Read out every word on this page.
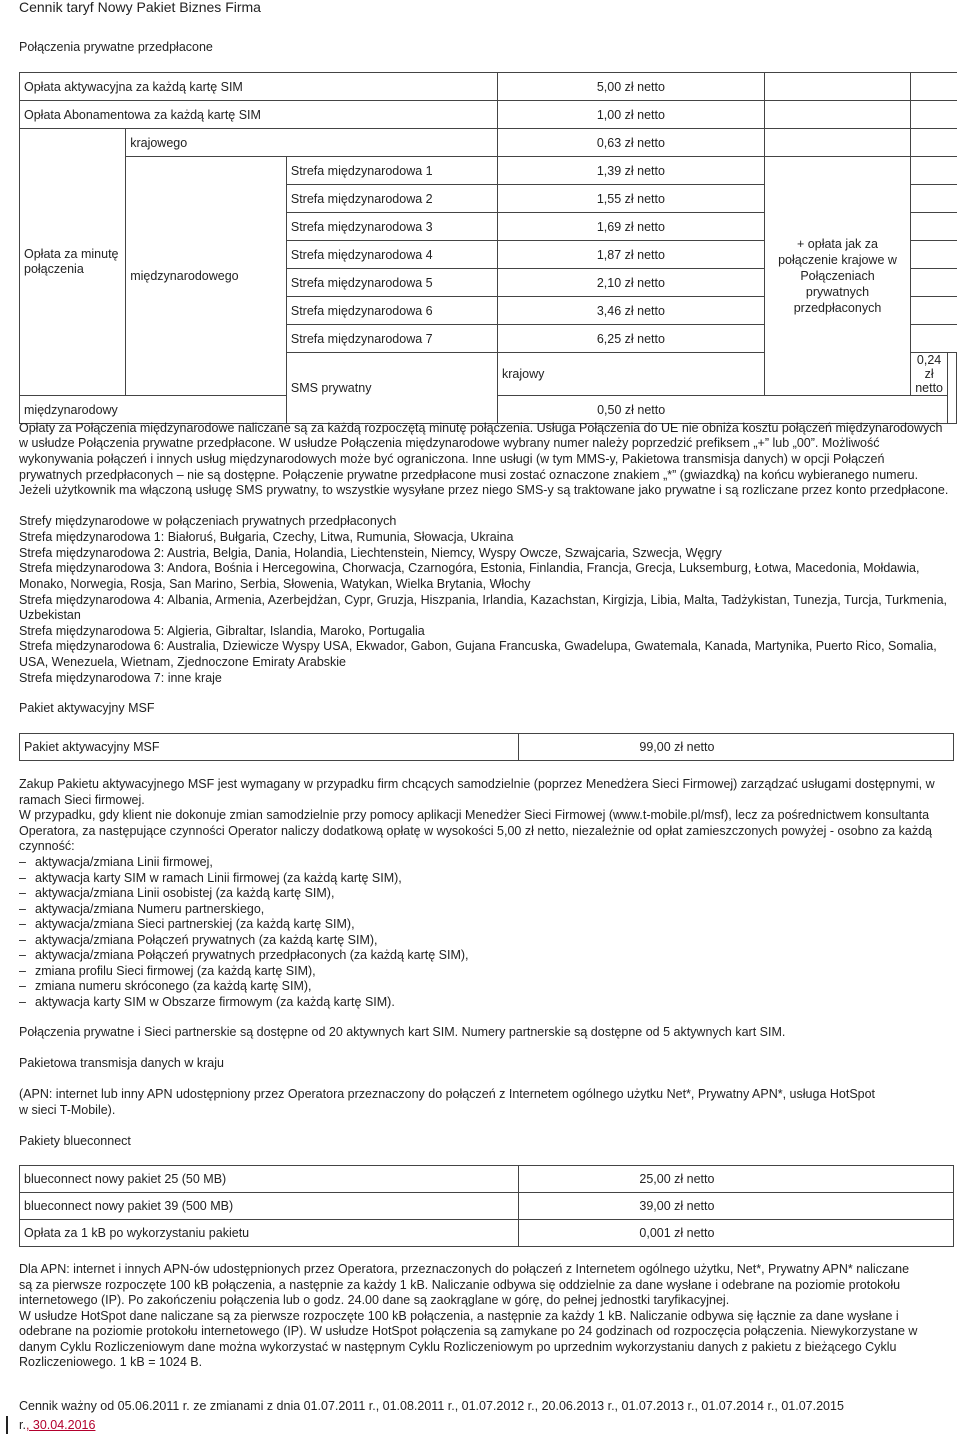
Cennik taryf Nowy Pakiet Biznes Firma
Połączenia prywatne przedpłacone
Opłata aktywacyjna za każdą kartę SIM			5,00 zł netto			
Opłata Abonamentowa za każdą kartę SIM			1,00 zł netto			
Opłata za minutę połączenia	krajowego		0,63 zł netto			
	międzynarodowego	Strefa międzynarodowa 1	1,39 zł netto	+ opłata jak za połączenie krajowe w Połączeniach prywatnych przedpłaconych		
		Strefa międzynarodowa 2	1,55 zł netto			
		Strefa międzynarodowa 3	1,69 zł netto			
		Strefa międzynarodowa 4	1,87 zł netto			
		Strefa międzynarodowa 5	2,10 zł netto			
		Strefa międzynarodowa 6	3,46 zł netto			
		Strefa międzynarodowa 7	6,25 zł netto			
		SMS prywatny	krajowy		0,24 zł netto	
międzynarodowy			0,50 zł netto			
Opłaty za Połączenia międzynarodowe naliczane są za każdą rozpoczętą minutę połączenia. Usługa Połączenia do UE nie obniża kosztu połączeń międzynarodowych
w usłudze Połączenia prywatne przedpłacone. W usłudze Połączenia międzynarodowe wybrany numer należy poprzedzić prefiksem „+” lub „00”. Możliwość
wykonywania połączeń i innych usług międzynarodowych może być ograniczona. Inne usługi (w tym MMS-y, Pakietowa transmisja danych) w opcji Połączeń
prywatnych przedpłaconych – nie są dostępne. Połączenie prywatne przedpłacone musi zostać oznaczone znakiem „*” (gwiazdką) na końcu wybieranego numeru.
Jeżeli użytkownik ma włączoną usługę SMS prywatny, to wszystkie wysyłane przez niego SMS-y są traktowane jako prywatne i są rozliczane przez konto przedpłacone.
Strefy międzynarodowe w połączeniach prywatnych przedpłaconych
Strefa międzynarodowa 1: Białoruś, Bułgaria, Czechy, Litwa, Rumunia, Słowacja, Ukraina
Strefa międzynarodowa 2: Austria, Belgia, Dania, Holandia, Liechtenstein, Niemcy, Wyspy Owcze, Szwajcaria, Szwecja, Węgry
Strefa międzynarodowa 3: Andora, Bośnia i Hercegowina, Chorwacja, Czarnogóra, Estonia, Finlandia, Francja, Grecja, Luksemburg, Łotwa, Macedonia, Mołdawia,
Monako, Norwegia, Rosja, San Marino, Serbia, Słowenia, Watykan, Wielka Brytania, Włochy
Strefa międzynarodowa 4: Albania, Armenia, Azerbejdżan, Cypr, Gruzja, Hiszpania, Irlandia, Kazachstan, Kirgizja, Libia, Malta, Tadżykistan, Tunezja, Turcja, Turkmenia,
Uzbekistan
Strefa międzynarodowa 5: Algieria, Gibraltar, Islandia, Maroko, Portugalia
Strefa międzynarodowa 6: Australia, Dziewicze Wyspy USA, Ekwador, Gabon, Gujana Francuska, Gwadelupa, Gwatemala, Kanada, Martynika, Puerto Rico, Somalia,
USA, Wenezuela, Wietnam, Zjednoczone Emiraty Arabskie
Strefa międzynarodowa 7: inne kraje
Pakiet aktywacyjny MSF
Pakiet aktywacyjny MSF	99,00 zł netto
Zakup Pakietu aktywacyjnego MSF jest wymagany w przypadku firm chcących samodzielnie (poprzez Menedżera Sieci Firmowej) zarządzać usługami dostępnymi, w
ramach Sieci firmowej.
W przypadku, gdy klient nie dokonuje zmian samodzielnie przy pomocy aplikacji Menedżer Sieci Firmowej (www.t-mobile.pl/msf), lecz za pośrednictwem konsultanta
Operatora, za następujące czynności Operator naliczy dodatkową opłatę w wysokości 5,00 zł netto, niezależnie od opłat zamieszczonych powyżej - osobno za każdą
czynność:
– aktywacja/zmiana Linii firmowej,
– aktywacja karty SIM w ramach Linii firmowej (za każdą kartę SIM),
– aktywacja/zmiana Linii osobistej (za każdą kartę SIM),
– aktywacja/zmiana Numeru partnerskiego,
– aktywacja/zmiana Sieci partnerskiej (za każdą kartę SIM),
– aktywacja/zmiana Połączeń prywatnych (za każdą kartę SIM),
– aktywacja/zmiana Połączeń prywatnych przedpłaconych (za każdą kartę SIM),
– zmiana profilu Sieci firmowej (za każdą kartę SIM),
– zmiana numeru skróconego (za każdą kartę SIM),
– aktywacja karty SIM w Obszarze firmowym (za każdą kartę SIM).
Połączenia prywatne i Sieci partnerskie są dostępne od 20 aktywnych kart SIM. Numery partnerskie są dostępne od 5 aktywnych kart SIM.
Pakietowa transmisja danych w kraju
(APN: internet lub inny APN udostępniony przez Operatora przeznaczony do połączeń z Internetem ogólnego użytku Net*, Prywatny APN*, usługa HotSpot
w sieci T-Mobile).
Pakiety blueconnect
blueconnect nowy pakiet 25 (50 MB)	25,00 zł netto
blueconnect nowy pakiet 39 (500 MB)	39,00 zł netto
Opłata za 1 kB po wykorzystaniu pakietu	0,001 zł netto
Dla APN: internet i innych APN-ów udostępnionych przez Operatora, przeznaczonych do połączeń z Internetem ogólnego użytku, Net*, Prywatny APN* naliczane
są za pierwsze rozpoczęte 100 kB połączenia, a następnie za każdy 1 kB. Naliczanie odbywa się oddzielnie za dane wysłane i odebrane na poziomie protokołu
internetowego (IP). Po zakończeniu połączenia lub o godz. 24.00 dane są zaokrąglane w górę, do pełnej jednostki taryfikacyjnej.
W usłudze HotSpot dane naliczane są za pierwsze rozpoczęte 100 kB połączenia, a następnie za każdy 1 kB. Naliczanie odbywa się łącznie za dane wysłane i
odebrane na poziomie protokołu internetowego (IP). W usłudze HotSpot połączenia są zamykane po 24 godzinach od rozpoczęcia połączenia. Niewykorzystane w
danym Cyklu Rozliczeniowym dane można wykorzystać w następnym Cyklu Rozliczeniowym po uprzednim wykorzystaniu danych z pakietu z bieżącego Cyklu
Rozliczeniowego. 1 kB = 1024 B.
Cennik ważny od 05.06.2011 r. ze zmianami z dnia 01.07.2011 r., 01.08.2011 r., 01.07.2012 r., 20.06.2013 r., 01.07.2013 r., 01.07.2014 r., 01.07.2015
r., 30.04.2016
